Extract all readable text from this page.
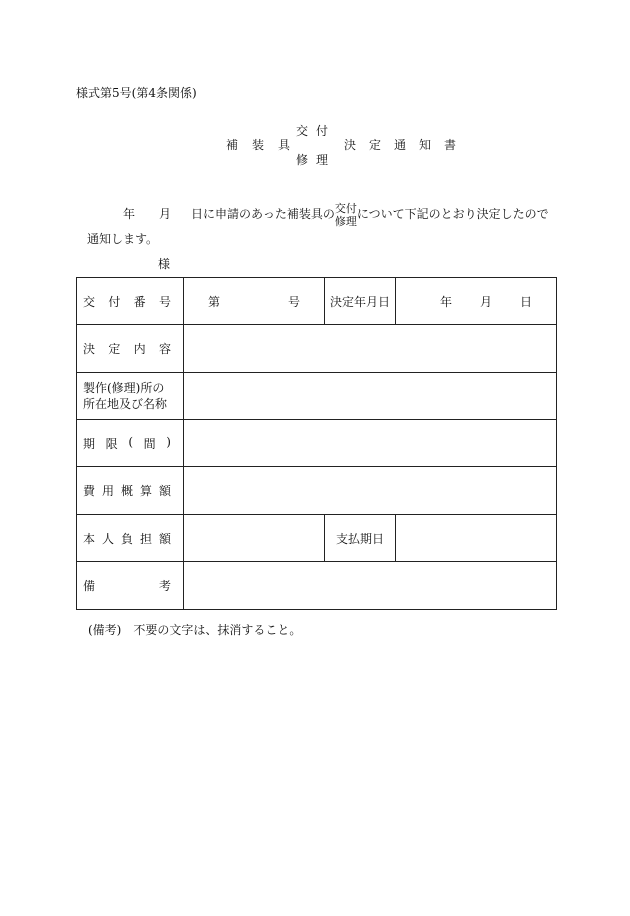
様式第5号(第4条関係)
交付
補装具
修理
決定通知書
年 月 日に申請のあった補装具の交付
修理について下記のとおり決定したので
通知します。
様
交 付 番 号	第 号	決定年月日	年 月 日

決 定 内 容			

製作(修理)所の
所在地及び名称			

期 限 ( 間 )			

費 用 概 算 額			

本 人 負 担 額		支払期日	

備 考			

(備考) 不要の文字は、抹消すること。
